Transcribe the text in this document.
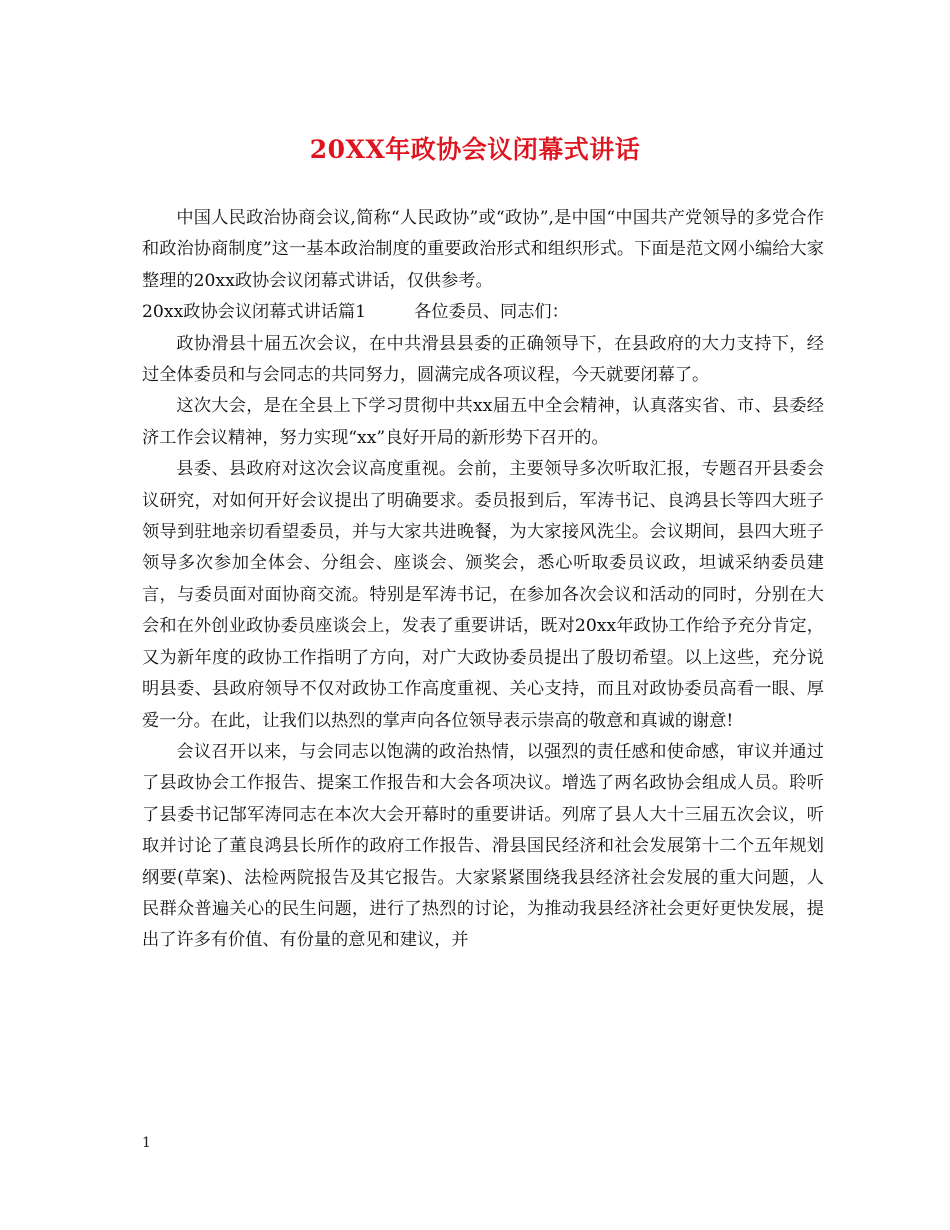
20XX年政协会议闭幕式讲话

中国人民政治协商会议,简称“人民政协”或“政协”,是中国“中国共产党领导的多党合作和政治协商制度”这一基本政治制度的重要政治形式和组织形式。下面是范文网小编给大家整理的20xx政协会议闭幕式讲话，仅供参考。

20xx政协会议闭幕式讲话篇1	各位委员、同志们：

政协滑县十届五次会议，在中共滑县县委的正确领导下，在县政府的大力支持下，经过全体委员和与会同志的共同努力，圆满完成各项议程，今天就要闭幕了。

这次大会，是在全县上下学习贯彻中共xx届五中全会精神，认真落实省、市、县委经济工作会议精神，努力实现“xx”良好开局的新形势下召开的。

县委、县政府对这次会议高度重视。会前，主要领导多次听取汇报，专题召开县委会议研究，对如何开好会议提出了明确要求。委员报到后，军涛书记、良鸿县长等四大班子领导到驻地亲切看望委员，并与大家共进晚餐，为大家接风洗尘。会议期间，县四大班子领导多次参加全体会、分组会、座谈会、颁奖会，悉心听取委员议政，坦诚采纳委员建言，与委员面对面协商交流。特别是军涛书记，在参加各次会议和活动的同时，分别在大会和在外创业政协委员座谈会上，发表了重要讲话，既对20xx年政协工作给予充分肯定，又为新年度的政协工作指明了方向，对广大政协委员提出了殷切希望。以上这些，充分说明县委、县政府领导不仅对政协工作高度重视、关心支持，而且对政协委员高看一眼、厚爱一分。在此，让我们以热烈的掌声向各位领导表示崇高的敬意和真诚的谢意!

会议召开以来，与会同志以饱满的政治热情，以强烈的责任感和使命感，审议并通过了县政协会工作报告、提案工作报告和大会各项决议。增选了两名政协会组成人员。聆听了县委书记郜军涛同志在本次大会开幕时的重要讲话。列席了县人大十三届五次会议，听取并讨论了董良鸿县长所作的政府工作报告、滑县国民经济和社会发展第十二个五年规划纲要(草案)、法检两院报告及其它报告。大家紧紧围绕我县经济社会发展的重大问题，人民群众普遍关心的民生问题，进行了热烈的讨论，为推动我县经济社会更好更快发展，提出了许多有价值、有份量的意见和建议，并

1
